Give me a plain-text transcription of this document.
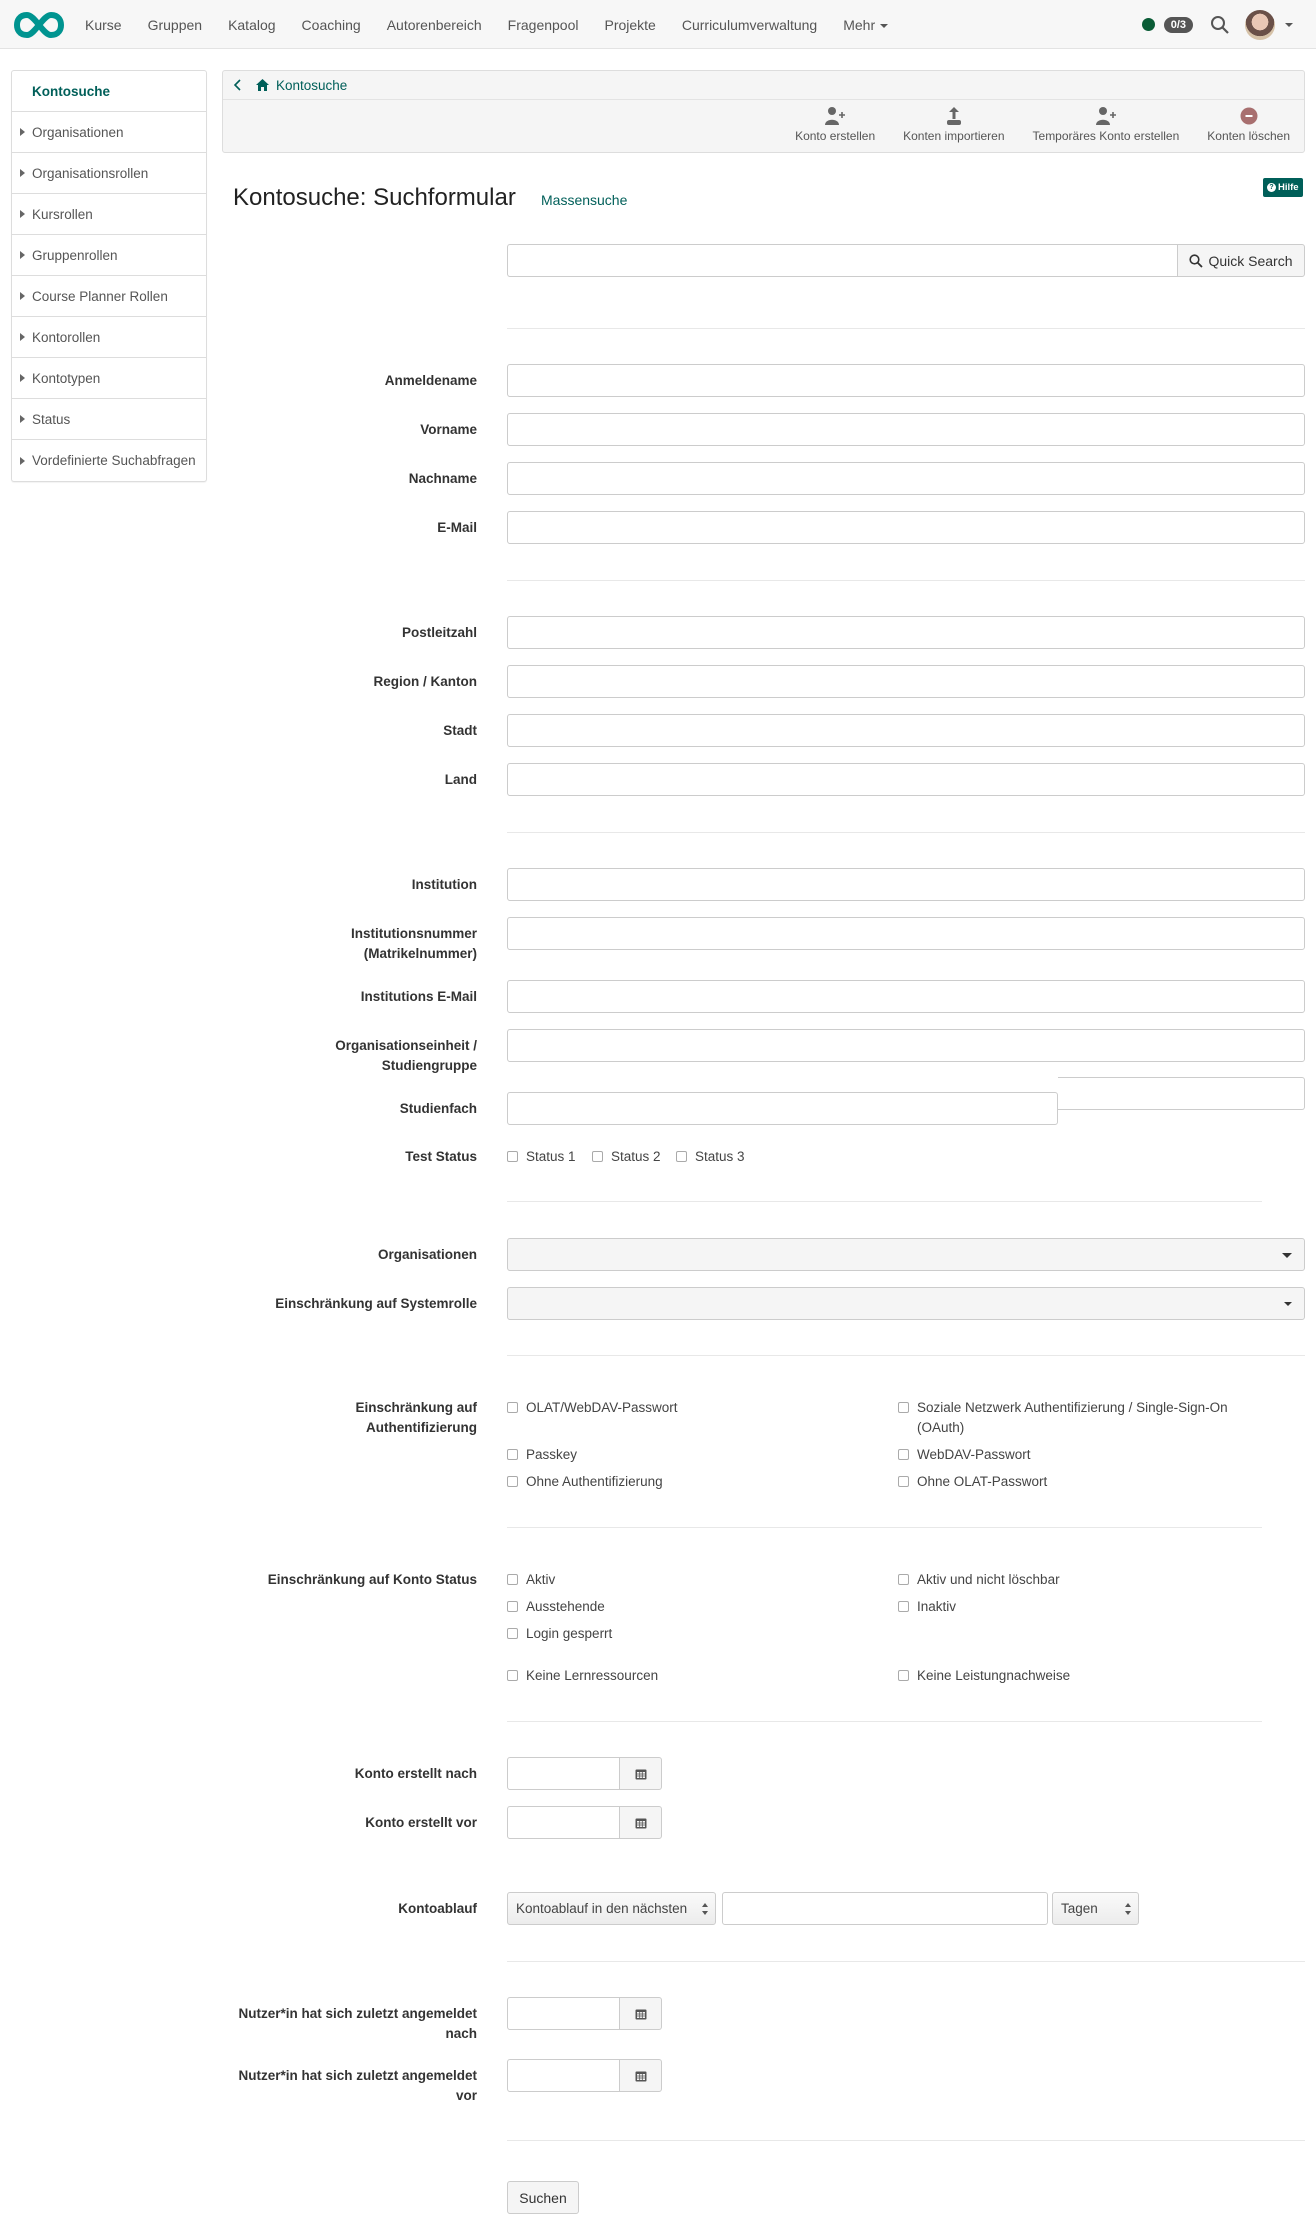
Kurse	Gruppen	Katalog	Coaching	Autorenbereich	Fragenpool	Projekte	Curriculumverwaltung	Mehr	0/3
Kontosuche
Organisationen
Organisationsrollen
Kursrollen
Gruppenrollen
Course Planner Rollen
Kontorollen
Kontotypen
Status
Vordefinierte Suchabfragen
Kontosuche
Konto erstellen Konten importieren Temporäres Konto erstellen Konten löschen
Kontosuche: Suchformular Massensuche
? Hilfe
Quick Search
Anmeldename
Vorname
Nachname
E-Mail
Postleitzahl
Region / Kanton
Stadt
Land
Institution
Institutionsnummer (Matrikelnummer)
Institutions E-Mail
Organisationseinheit / Studiengruppe
Studienfach
Test Status	Status 1	Status 2	Status 3
Organisationen
Einschränkung auf Systemrolle
Einschränkung auf Authentifizierung
OLAT/WebDAV-Passwort	Soziale Netzwerk Authentifizierung / Single-Sign-On (OAuth)
Passkey	WebDAV-Passwort
Ohne Authentifizierung	Ohne OLAT-Passwort
Einschränkung auf Konto Status	Aktiv	Aktiv und nicht löschbar
Ausstehende	Inaktiv
Login gesperrt
Keine Lernressourcen	Keine Leistungnachweise
Konto erstellt nach
Konto erstellt vor
Kontoablauf	Kontoablauf in den nächsten	Tagen
Nutzer*in hat sich zuletzt angemeldet nach
Nutzer*in hat sich zuletzt angemeldet vor
Suchen
